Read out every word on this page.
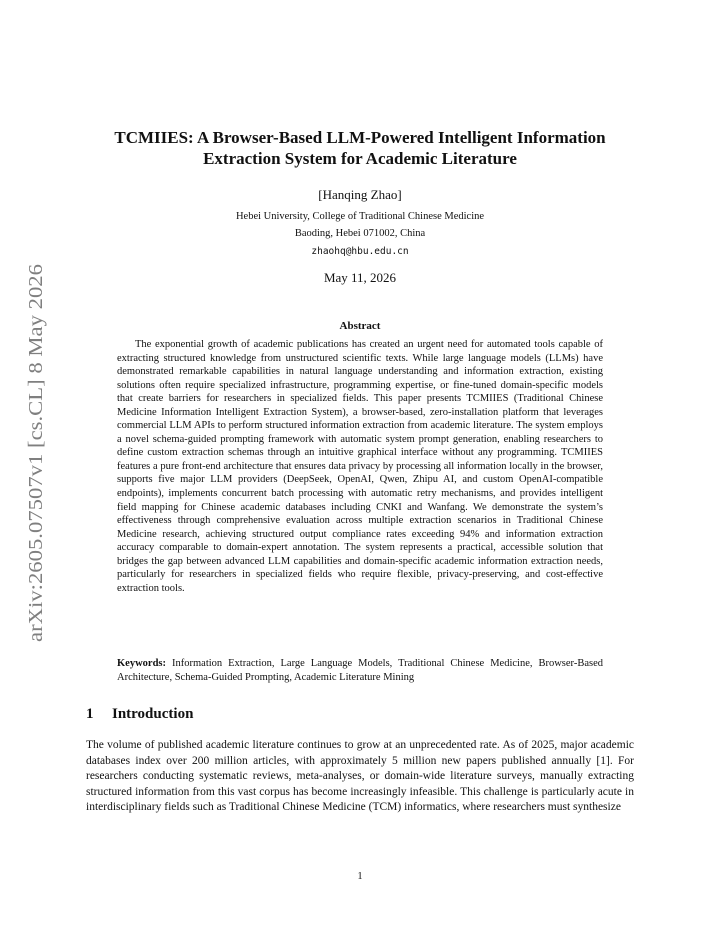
arXiv:2605.07507v1 [cs.CL] 8 May 2026
TCMIIES: A Browser-Based LLM-Powered Intelligent Information
Extraction System for Academic Literature
[Hanqing Zhao]
Hebei University, College of Traditional Chinese Medicine
Baoding, Hebei 071002, China
zhaohq@hbu.edu.cn
May 11, 2026
Abstract

The exponential growth of academic publications has created an urgent need for automated tools capable of extracting structured knowledge from unstructured scientific texts. While large language models (LLMs) have demonstrated remarkable capabilities in natural language understanding and information extraction, existing solutions often require specialized infrastructure, programming expertise, or fine-tuned domain-specific models that create barriers for researchers in specialized fields. This paper presents TCMIIES (Traditional Chinese Medicine Information Intelligent Extraction System), a browser-based, zero-installation platform that leverages commercial LLM APIs to perform structured information extraction from academic literature. The system employs a novel schema-guided prompting framework with automatic system prompt generation, enabling researchers to define custom extraction schemas through an intuitive graphical interface without any programming. TCMIIES features a pure front-end architecture that ensures data privacy by processing all information locally in the browser, supports five major LLM providers (DeepSeek, OpenAI, Qwen, Zhipu AI, and custom OpenAI-compatible endpoints), implements concurrent batch processing with automatic retry mechanisms, and provides intelligent field mapping for Chinese academic databases including CNKI and Wanfang. We demonstrate the system’s effectiveness through comprehensive evaluation across multiple extraction scenarios in Traditional Chinese Medicine research, achieving structured output compliance rates exceeding 94% and information extraction accuracy comparable to domain-expert annotation. The system represents a practical, accessible solution that bridges the gap between advanced LLM capabilities and domain-specific academic information extraction needs, particularly for researchers in specialized fields who require flexible, privacy-preserving, and cost-effective extraction tools.

Keywords: Information Extraction, Large Language Models, Traditional Chinese Medicine, Browser-Based Architecture, Schema-Guided Prompting, Academic Literature Mining

1 Introduction

The volume of published academic literature continues to grow at an unprecedented rate. As of 2025, major academic databases index over 200 million articles, with approximately 5 million new papers published annually [1]. For researchers conducting systematic reviews, meta-analyses, or domain-wide literature surveys, manually extracting structured information from this vast corpus has become increasingly infeasible. This challenge is particularly acute in interdisciplinary fields such as Traditional Chinese Medicine (TCM) informatics, where researchers must synthesize

1
